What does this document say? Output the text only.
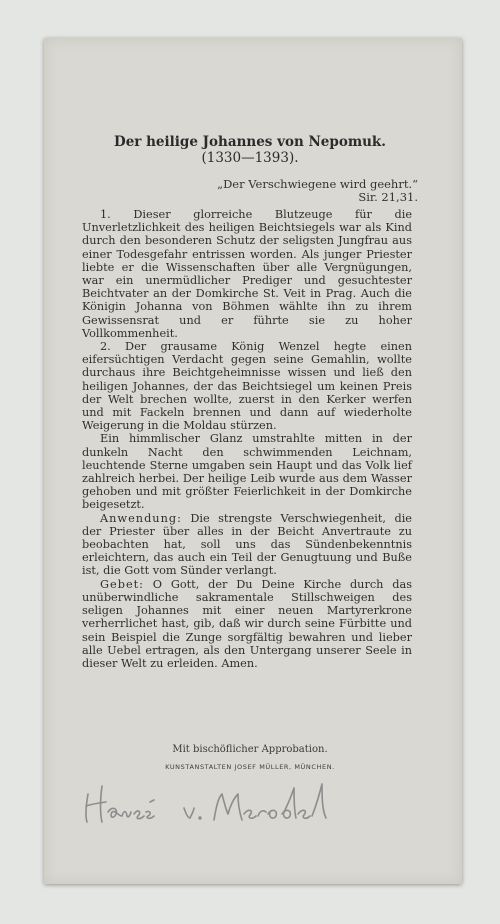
Der heilige Johannes von Nepomuk.
(1330—1393).
„Der Verschwiegene wird geehrt.“
Sir. 21,31.

1. Dieser glorreiche Blutzeuge für die Unverletzlichkeit des heiligen Beichtsiegels war als Kind durch den besonderen Schutz der seligsten Jungfrau aus einer Todesgefahr entrissen worden. Als junger Priester liebte er die Wissenschaften über alle Vergnügungen, war ein unermüdlicher Prediger und gesuchtester Beichtvater an der Domkirche St. Veit in Prag. Auch die Königin Johanna von Böhmen wählte ihn zu ihrem Gewissensrat und er führte sie zu hoher Vollkommenheit.

2. Der grausame König Wenzel hegte einen eifersüchtigen Verdacht gegen seine Gemahlin, wollte durchaus ihre Beichtgeheimnisse wissen und ließ den heiligen Johannes, der das Beichtsiegel um keinen Preis der Welt brechen wollte, zuerst in den Kerker werfen und mit Fackeln brennen und dann auf wiederholte Weigerung in die Moldau stürzen.

Ein himmlischer Glanz umstrahlte mitten in der dunkeln Nacht den schwimmenden Leichnam, leuchtende Sterne umgaben sein Haupt und das Volk lief zahlreich herbei. Der heilige Leib wurde aus dem Wasser gehoben und mit größter Feierlichkeit in der Domkirche beigesetzt.

Anwendung: Die strengste Verschwiegenheit, die der Priester über alles in der Beicht Anvertraute zu beobachten hat, soll uns das Sündenbekenntnis erleichtern, das auch ein Teil der Genugtuung und Buße ist, die Gott vom Sünder verlangt.

Gebet: O Gott, der Du Deine Kirche durch das unüberwindliche sakramentale Stillschweigen des seligen Johannes mit einer neuen Martyrerkrone verherrlichet hast, gib, daß wir durch seine Fürbitte und sein Beispiel die Zunge sorgfältig bewahren und lieber alle Uebel ertragen, als den Untergang unserer Seele in dieser Welt zu erleiden. Amen.

Mit bischöflicher Approbation.
KUNSTANSTALTEN JOSEF MÜLLER, MÜNCHEN.
